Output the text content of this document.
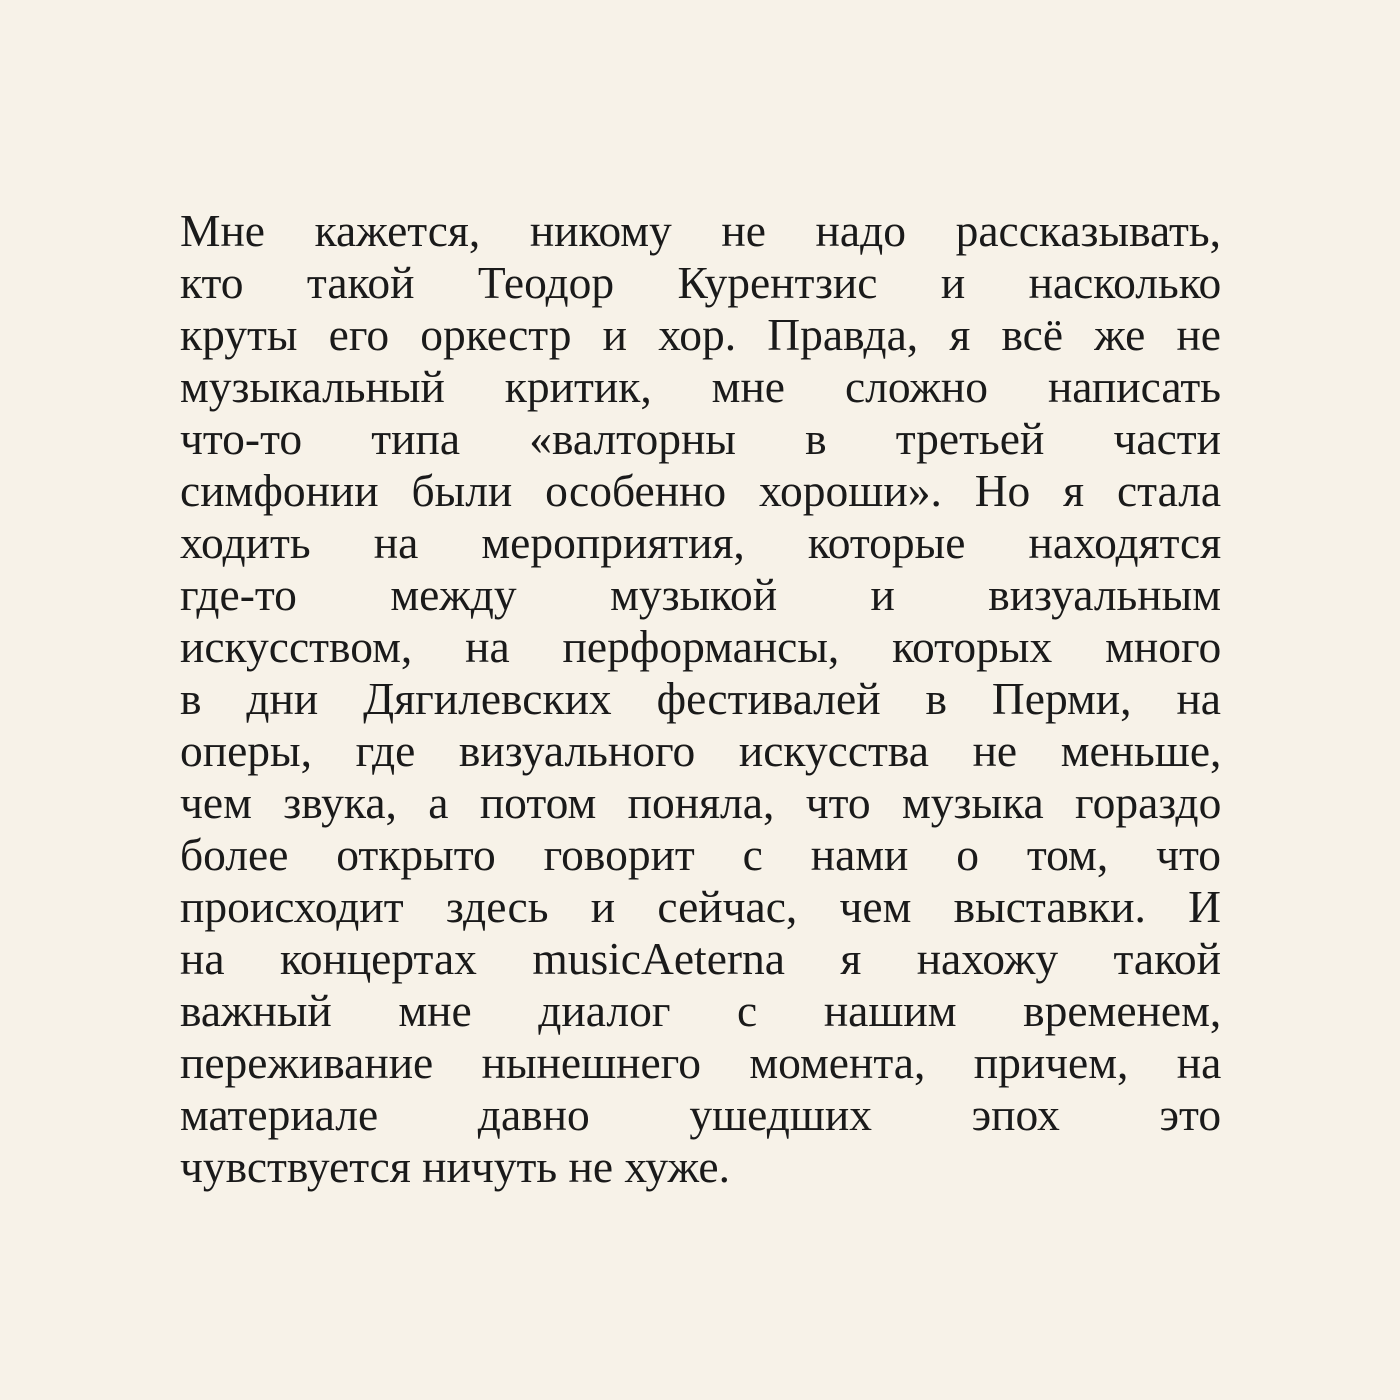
Мне кажется, никому не надо рассказывать,
кто такой Теодор Курентзис и насколько
круты его оркестр и хор. Правда, я всё же не
музыкальный критик, мне сложно написать
что-то типа «валторны в третьей части
симфонии были особенно хороши». Но я стала
ходить на мероприятия, которые находятся
где-то между музыкой и визуальным
искусством, на перформансы, которых много
в дни Дягилевских фестивалей в Перми, на
оперы, где визуального искусства не меньше,
чем звука, а потом поняла, что музыка гораздо
более открыто говорит с нами о том, что
происходит здесь и сейчас, чем выставки. И
на концертах musicAeterna я нахожу такой
важный мне диалог с нашим временем,
переживание нынешнего момента, причем, на
материале давно ушедших эпох это
чувствуется ничуть не хуже.
